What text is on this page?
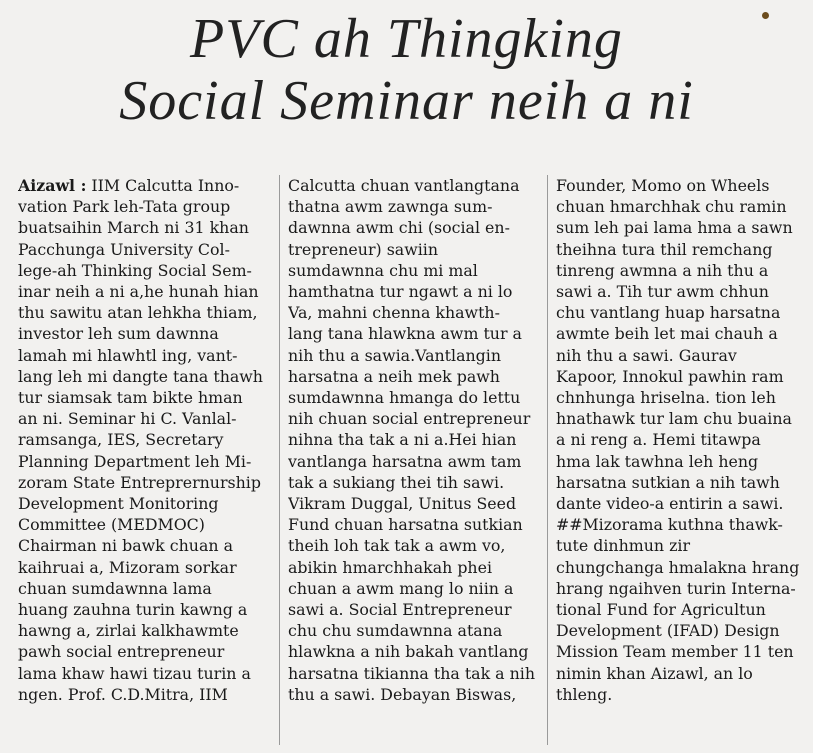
PVC ah Thingking
Social Seminar neih a ni
Aizawl : IIM Calcutta Inno-
vation Park leh-Tata group
buatsaihin March ni 31 khan
Pacchunga University Col-
lege-ah Thinking Social Sem-
inar neih a ni a,he hunah hian
thu sawitu atan lehkha thiam,
investor leh sum dawnna
lamah mi hlawhtl ing, vant-
lang leh mi dangte tana thawh
tur siamsak tam bikte hman
an ni. Seminar hi C. Vanlal-
ramsanga, IES, Secretary
Planning Department leh Mi-
zoram State Entreprernurship
Development Monitoring
Committee (MEDMOC)
Chairman ni bawk chuan a
kaihruai a, Mizoram sorkar
chuan sumdawnna lama
huang zauhna turin kawng a
hawng a, zirlai kalkhawmte
pawh social entrepreneur
lama khaw hawi tizau turin a
ngen. Prof. C.D.Mitra, IIM
Calcutta chuan vantlangtana
thatna awm zawnga sum-
dawnna awm chi (social en-
trepreneur) sawiin
sumdawnna chu mi mal
hamthatna tur ngawt a ni lo
Va, mahni chenna khawth-
lang tana hlawkna awm tur a
nih thu a sawia.Vantlangin
harsatna a neih mek pawh
sumdawnna hmanga do lettu
nih chuan social entrepreneur
nihna tha tak a ni a.Hei hian
vantlanga harsatna awm tam
tak a sukiang thei tih sawi.
Vikram Duggal, Unitus Seed
Fund chuan harsatna sutkian
theih loh tak tak a awm vo,
abikin hmarchhakah phei
chuan a awm mang lo niin a
sawi a. Social Entrepreneur
chu chu sumdawnna atana
hlawkna a nih bakah vantlang
harsatna tikianna tha tak a nih
thu a sawi. Debayan Biswas,
Founder, Momo on Wheels
chuan hmarchhak chu ramin
sum leh pai lama hma a sawn
theihna tura thil remchang
tinreng awmna a nih thu a
sawi a. Tih tur awm chhun
chu vantlang huap harsatna
awmte beih let mai chauh a
nih thu a sawi. Gaurav
Kapoor, Innokul pawhin ram
chnhunga hriselna. tion leh
hnathawk tur lam chu buaina
a ni reng a. Hemi titawpa
hma lak tawhna leh heng
harsatna sutkian a nih tawh
dante video-a entirin a sawi.
##Mizorama kuthna thawk-
tute dinhmun zir
chungchanga hmalakna hrang
hrang ngaihven turin Interna-
tional Fund for Agricultun
Development (IFAD) Design
Mission Team member 11 ten
nimin khan Aizawl, an lo
thleng.
